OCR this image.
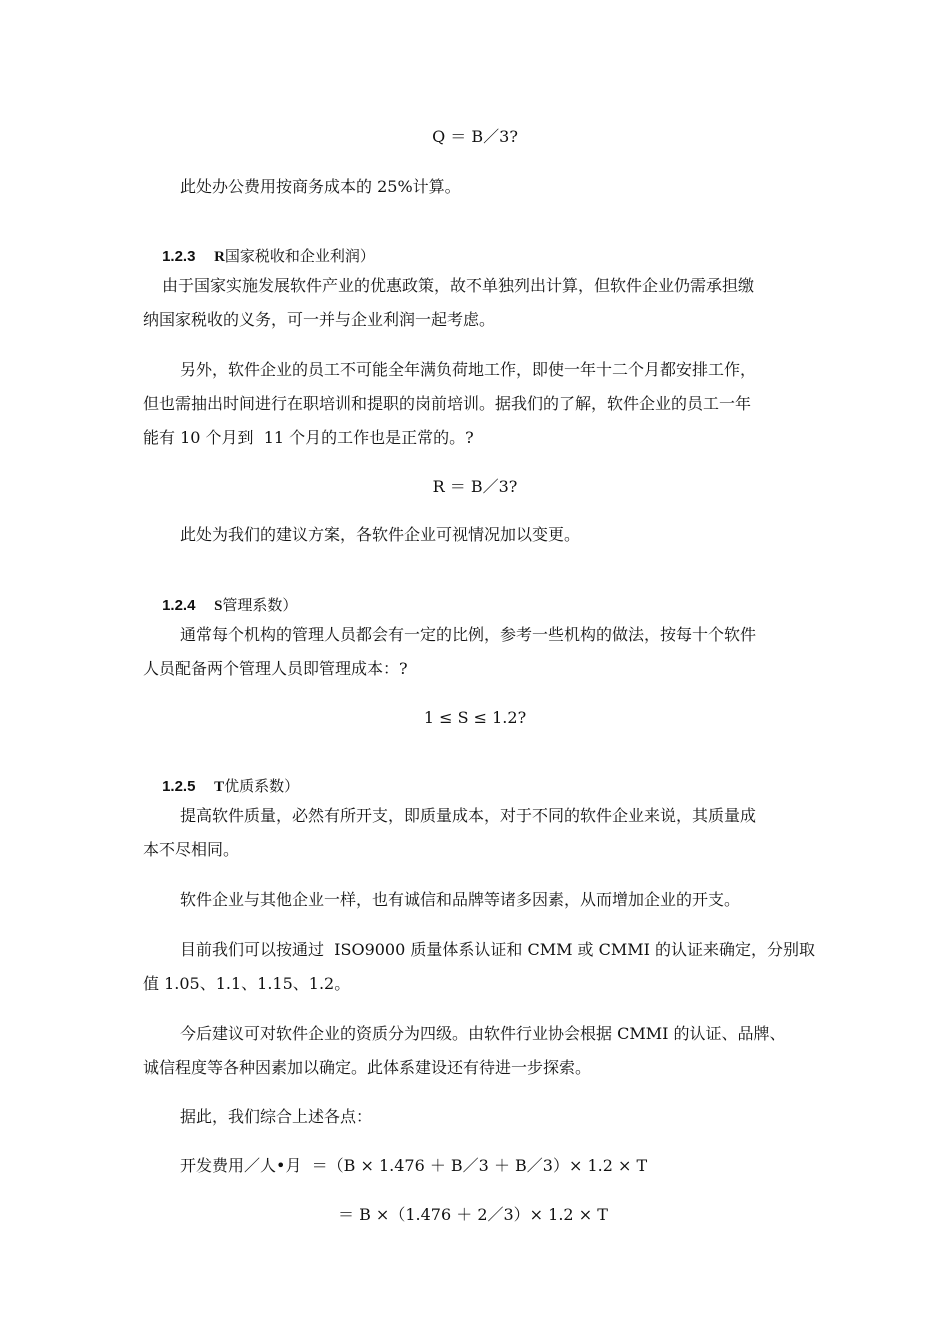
Q ＝ B／3?
此处办公费用按商务成本的 25%计算。

1.2.3 R国家税收和企业利润）

由于国家实施发展软件产业的优惠政策，故不单独列出计算，但软件企业仍需承担缴
纳国家税收的义务，可一并与企业利润一起考虑。
另外，软件企业的员工不可能全年满负荷地工作，即使一年十二个月都安排工作，
但也需抽出时间进行在职培训和提职的岗前培训。据我们的了解，软件企业的员工一年
能有 10 个月到  11 个月的工作也是正常的。?
R ＝ B／3?
此处为我们的建议方案，各软件企业可视情况加以变更。

1.2.4 S管理系数）

通常每个机构的管理人员都会有一定的比例，参考一些机构的做法，按每十个软件
人员配备两个管理人员即管理成本：?
1 ≤ S ≤ 1.2?

1.2.5 T优质系数）

提高软件质量，必然有所开支，即质量成本，对于不同的软件企业来说，其质量成
本不尽相同。
软件企业与其他企业一样，也有诚信和品牌等诸多因素，从而增加企业的开支。
目前我们可以按通过  ISO9000 质量体系认证和 CMM 或 CMMI 的认证来确定，分别取
值 1.05、1.1、1.15、1.2。
今后建议可对软件企业的资质分为四级。由软件行业协会根据 CMMI 的认证、品牌、
诚信程度等各种因素加以确定。此体系建设还有待进一步探索。
据此，我们综合上述各点：
开发费用／人•月  ＝（B × 1.476 ＋ B／3 ＋ B／3）× 1.2 × T
＝ B ×（1.476 ＋ 2／3）× 1.2 × T
